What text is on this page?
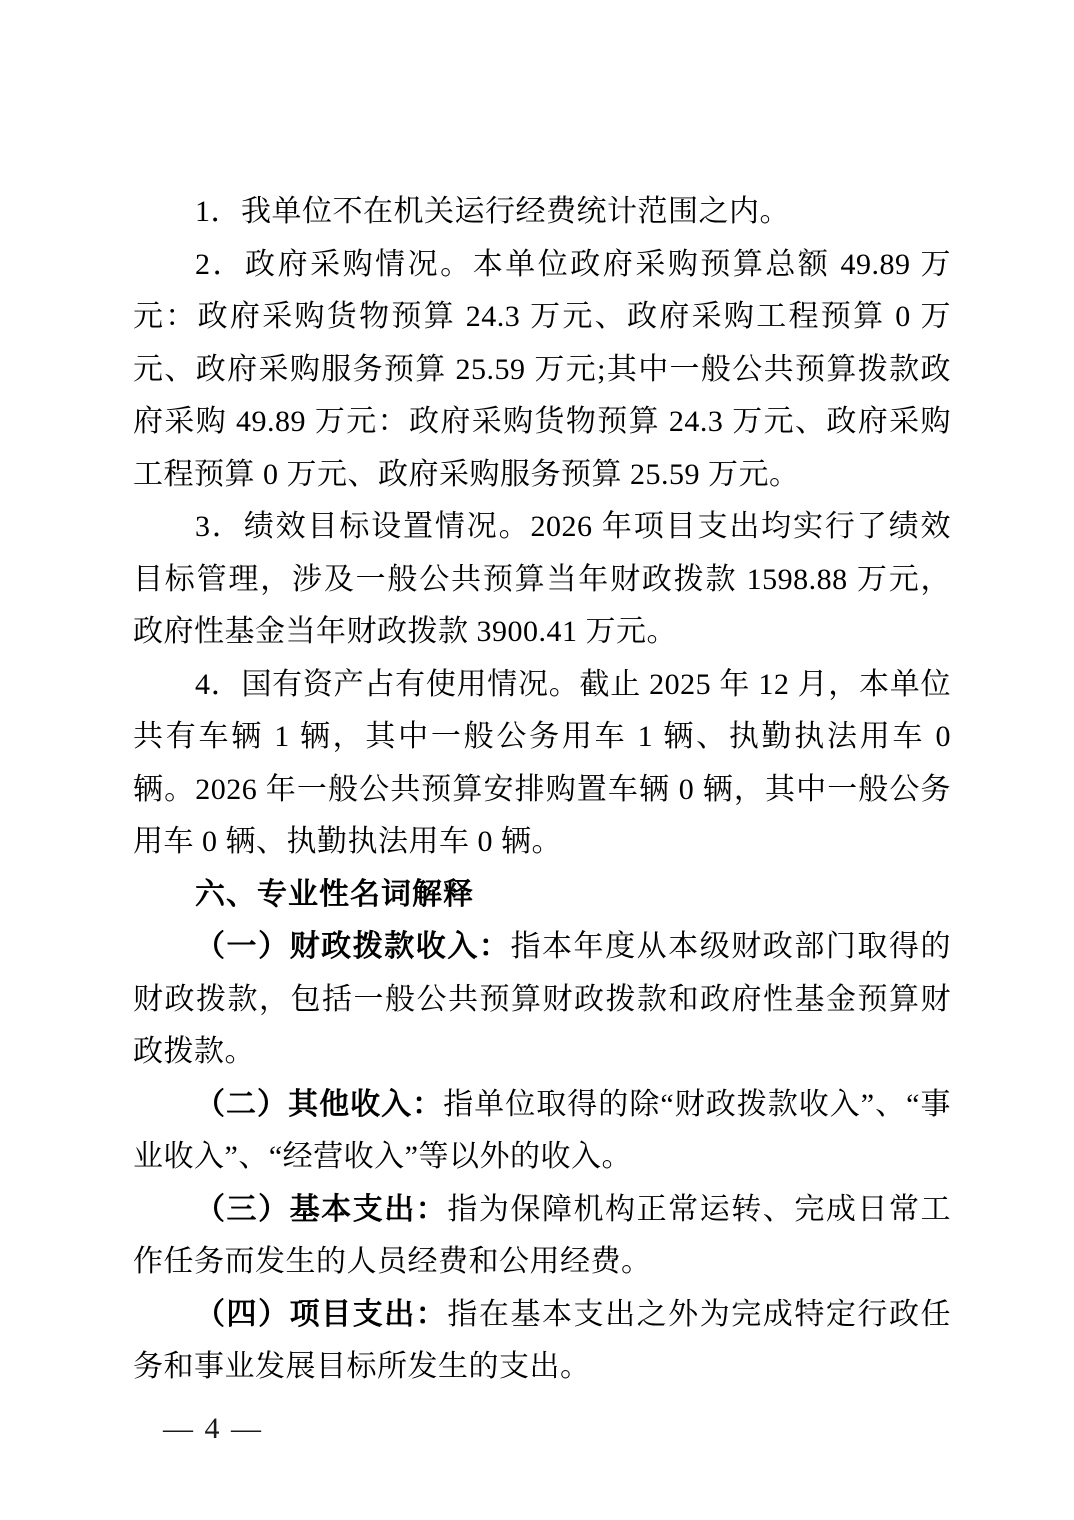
1．我单位不在机关运行经费统计范围之内。

2．政府采购情况。本单位政府采购预算总额 49.89 万元：政府采购货物预算 24.3 万元、政府采购工程预算 0 万元、政府采购服务预算 25.59 万元;其中一般公共预算拨款政府采购 49.89 万元：政府采购货物预算 24.3 万元、政府采购工程预算 0 万元、政府采购服务预算 25.59 万元。

3．绩效目标设置情况。2026 年项目支出均实行了绩效目标管理，涉及一般公共预算当年财政拨款 1598.88 万元，政府性基金当年财政拨款 3900.41 万元。

4．国有资产占有使用情况。截止 2025 年 12 月，本单位共有车辆 1 辆，其中一般公务用车 1 辆、执勤执法用车 0 辆。2026 年一般公共预算安排购置车辆 0 辆，其中一般公务用车 0 辆、执勤执法用车 0 辆。

六、专业性名词解释

（一）财政拨款收入：指本年度从本级财政部门取得的财政拨款，包括一般公共预算财政拨款和政府性基金预算财政拨款。

（二）其他收入：指单位取得的除“财政拨款收入”、“事业收入”、“经营收入”等以外的收入。

（三）基本支出：指为保障机构正常运转、完成日常工作任务而发生的人员经费和公用经费。

（四）项目支出：指在基本支出之外为完成特定行政任务和事业发展目标所发生的支出。

— 4 —
